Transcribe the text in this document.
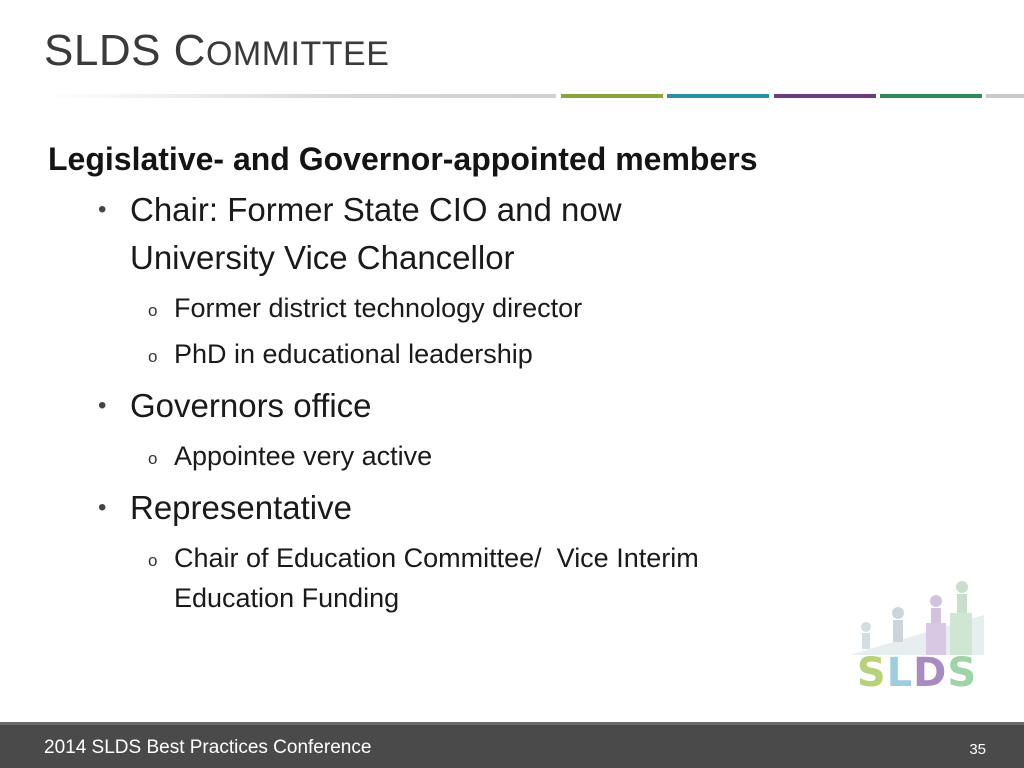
SLDS COMMITTEE
Legislative- and Governor-appointed members
• Chair: Former State CIO and now
University Vice Chancellor
o Former district technology director
o PhD in educational leadership
• Governors office
o Appointee very active
• Representative
o Chair of Education Committee/  Vice Interim
Education Funding
SLDS
2014 SLDS Best Practices Conference	35
